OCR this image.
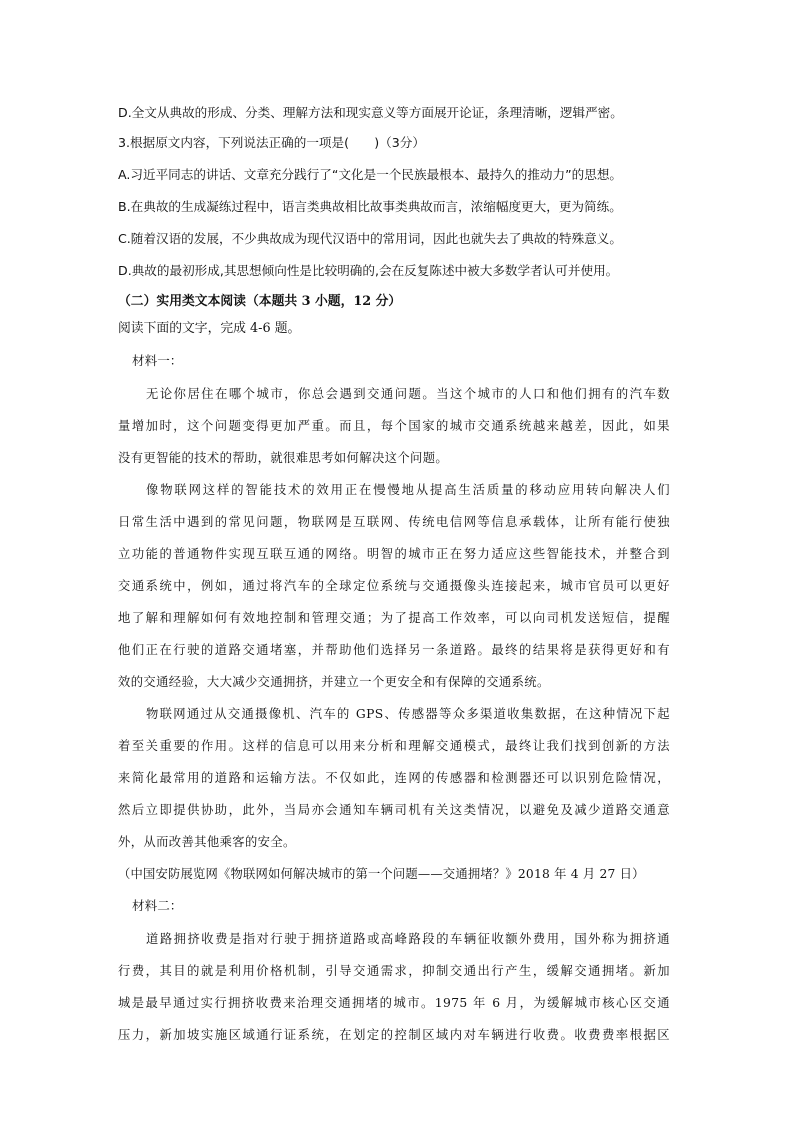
D.全文从典故的形成、分类、理解方法和现实意义等方面展开论证，条理清晰，逻辑严密。
3.根据原文内容，下列说法正确的一项是(　　)（3分）
A.习近平同志的讲话、文章充分践行了“文化是一个民族最根本、最持久的推动力”的思想。
B.在典故的生成凝练过程中，语言类典故相比故事类典故而言，浓缩幅度更大，更为简练。
C.随着汉语的发展，不少典故成为现代汉语中的常用词，因此也就失去了典故的特殊意义。
D.典故的最初形成,其思想倾向性是比较明确的,会在反复陈述中被大多数学者认可并使用。
（二）实用类文本阅读（本题共 3 小题，12 分）
阅读下面的文字，完成 4-6 题。
材料一：
无论你居住在哪个城市，你总会遇到交通问题。当这个城市的人口和他们拥有的汽车数
量增加时，这个问题变得更加严重。而且，每个国家的城市交通系统越来越差，因此，如果
没有更智能的技术的帮助，就很难思考如何解决这个问题。
像物联网这样的智能技术的效用正在慢慢地从提高生活质量的移动应用转向解决人们
日常生活中遇到的常见问题，物联网是互联网、传统电信网等信息承载体，让所有能行使独
立功能的普通物件实现互联互通的网络。明智的城市正在努力适应这些智能技术，并整合到
交通系统中，例如，通过将汽车的全球定位系统与交通摄像头连接起来，城市官员可以更好
地了解和理解如何有效地控制和管理交通；为了提高工作效率，可以向司机发送短信，提醒
他们正在行驶的道路交通堵塞，并帮助他们选择另一条道路。最终的结果将是获得更好和有
效的交通经验，大大减少交通拥挤，并建立一个更安全和有保障的交通系统。
物联网通过从交通摄像机、汽车的 GPS、传感器等众多渠道收集数据，在这种情况下起
着至关重要的作用。这样的信息可以用来分析和理解交通模式，最终让我们找到创新的方法
来简化最常用的道路和运输方法。不仅如此，连网的传感器和检测器还可以识别危险情况，
然后立即提供协助，此外，当局亦会通知车辆司机有关这类情况，以避免及减少道路交通意
外，从而改善其他乘客的安全。
（中国安防展览网《物联网如何解决城市的第一个问题——交通拥堵？》2018 年 4 月 27 日）
材料二：
道路拥挤收费是指对行驶于拥挤道路或高峰路段的车辆征收额外费用，国外称为拥挤通
行费，其目的就是利用价格机制，引导交通需求，抑制交通出行产生，缓解交通拥堵。新加
城是最早通过实行拥挤收费来治理交通拥堵的城市。1975 年 6 月，为缓解城市核心区交通
压力，新加坡实施区域通行证系统，在划定的控制区域内对车辆进行收费。收费费率根据区
